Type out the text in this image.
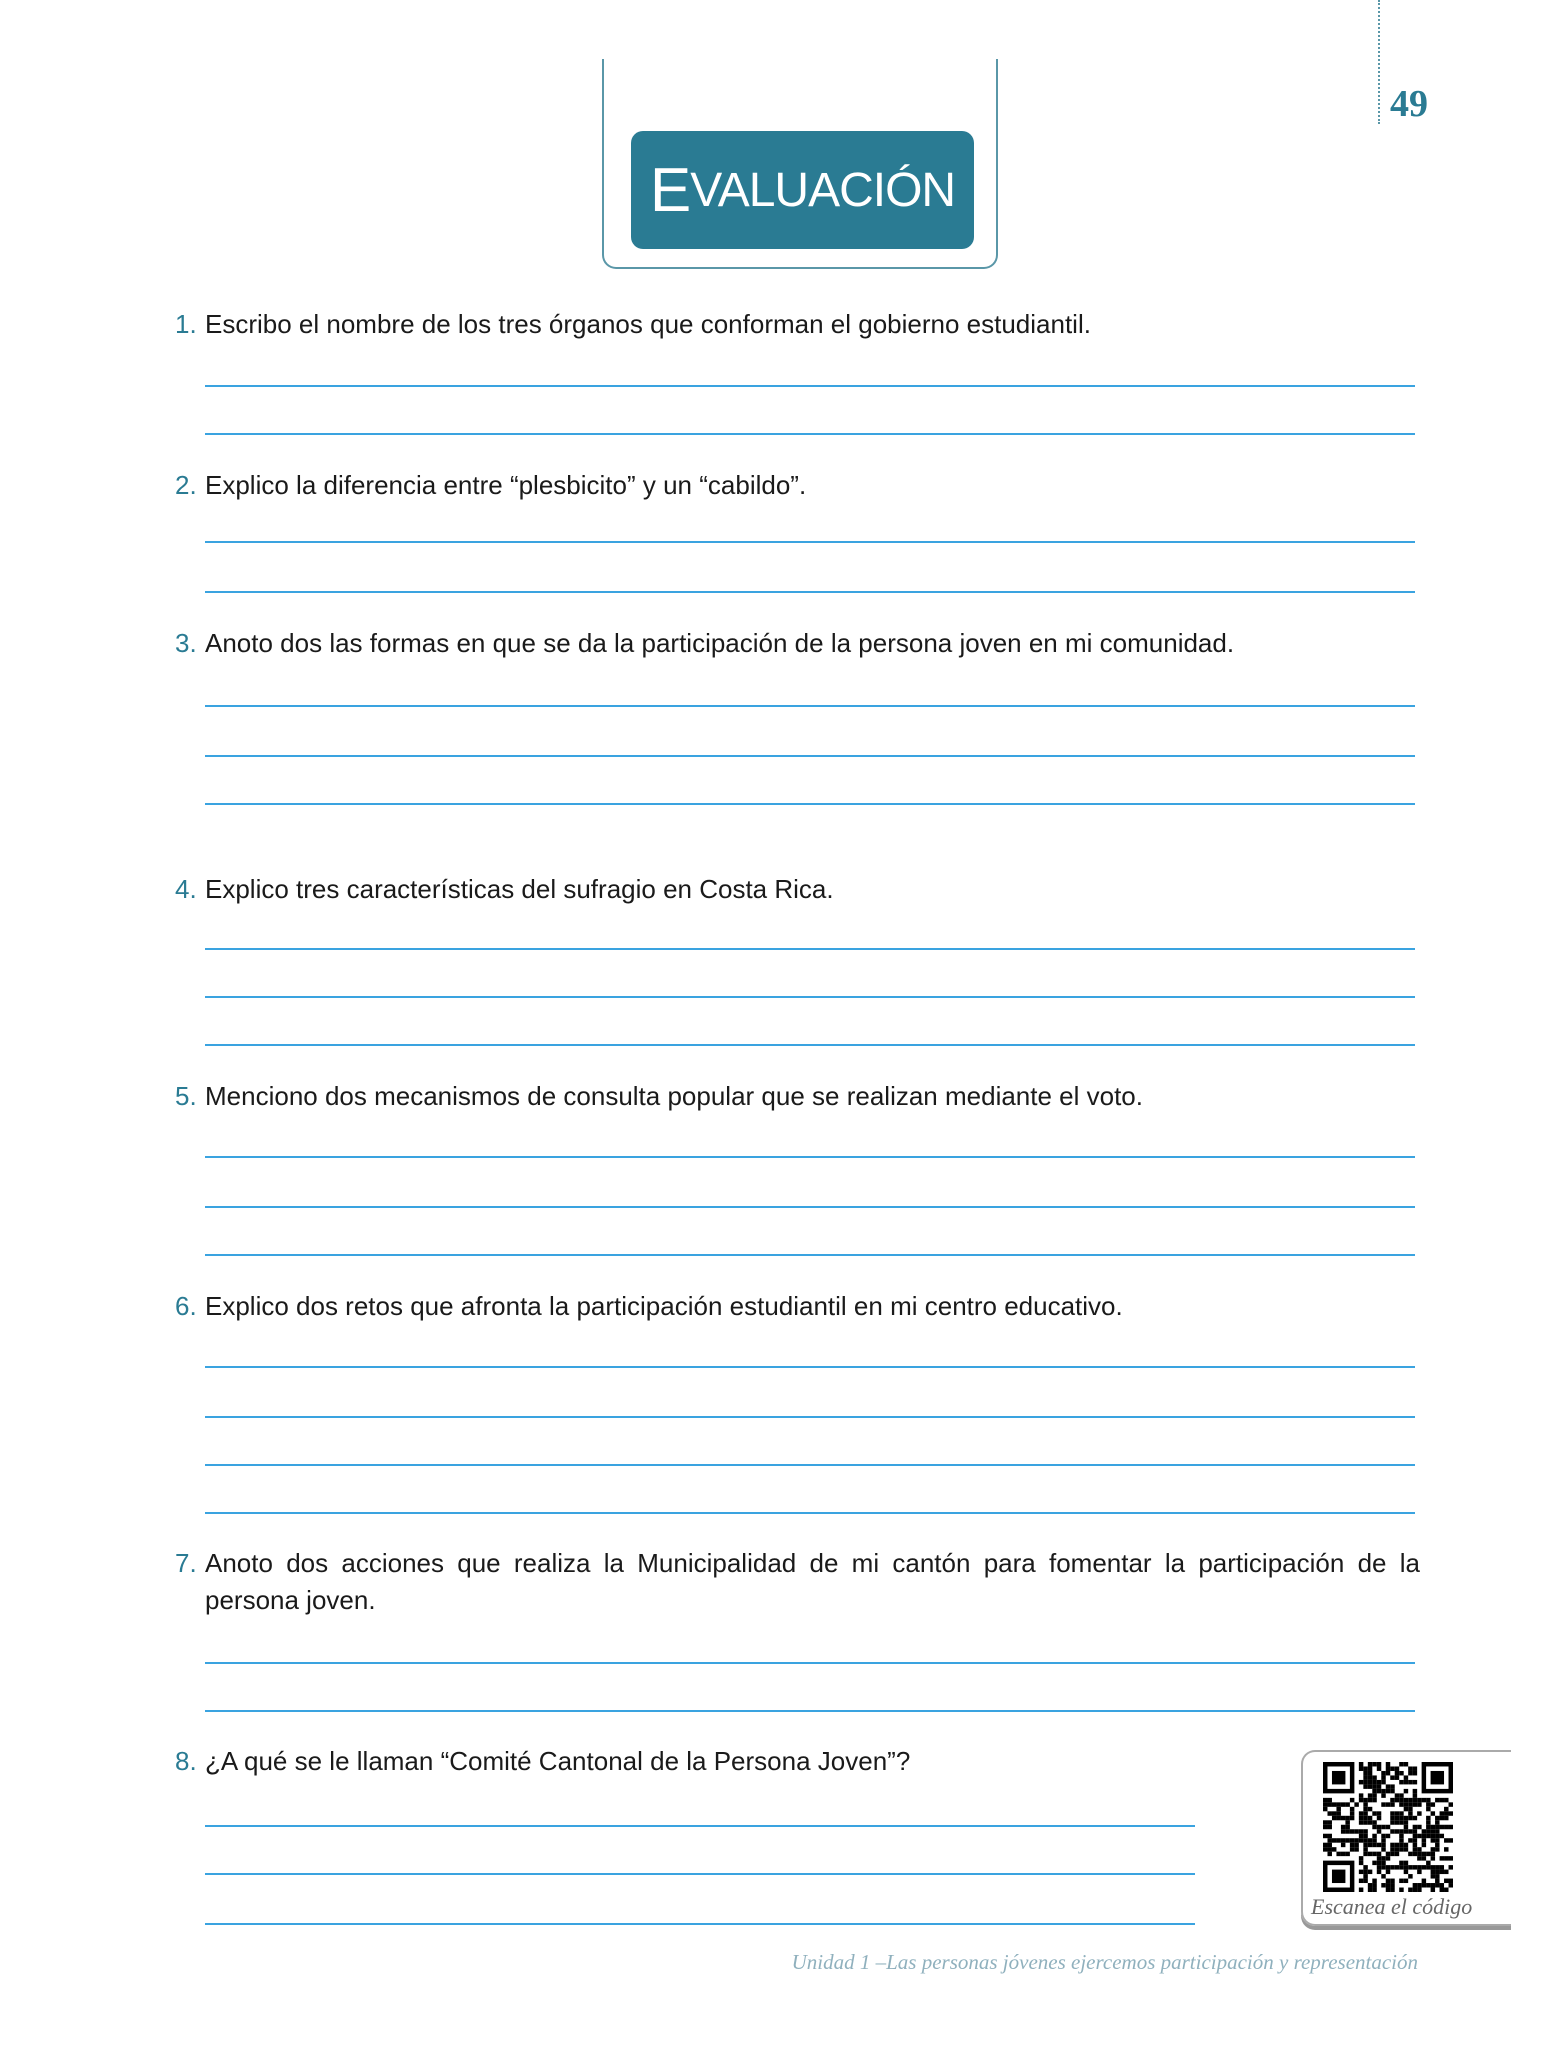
49
E VALUACIÓN
1. Escribo el nombre de los tres órganos que conforman el gobierno estudiantil.
2. Explico la diferencia entre “plesbicito” y un “cabildo”.
3. Anoto dos las formas en que se da la participación de la persona joven en mi comunidad.
4. Explico tres características del sufragio en Costa Rica.
5. Menciono dos mecanismos de consulta popular que se realizan mediante el voto.
6. Explico dos retos que afronta la participación estudiantil en mi centro educativo.
7. Anoto dos acciones que realiza la Municipalidad de mi cantón para fomentar la participación de la persona joven.
8. ¿A qué se le llaman “Comité Cantonal de la Persona Joven”?
Escanea el código
Unidad 1 –Las personas jóvenes ejercemos participación y representación
